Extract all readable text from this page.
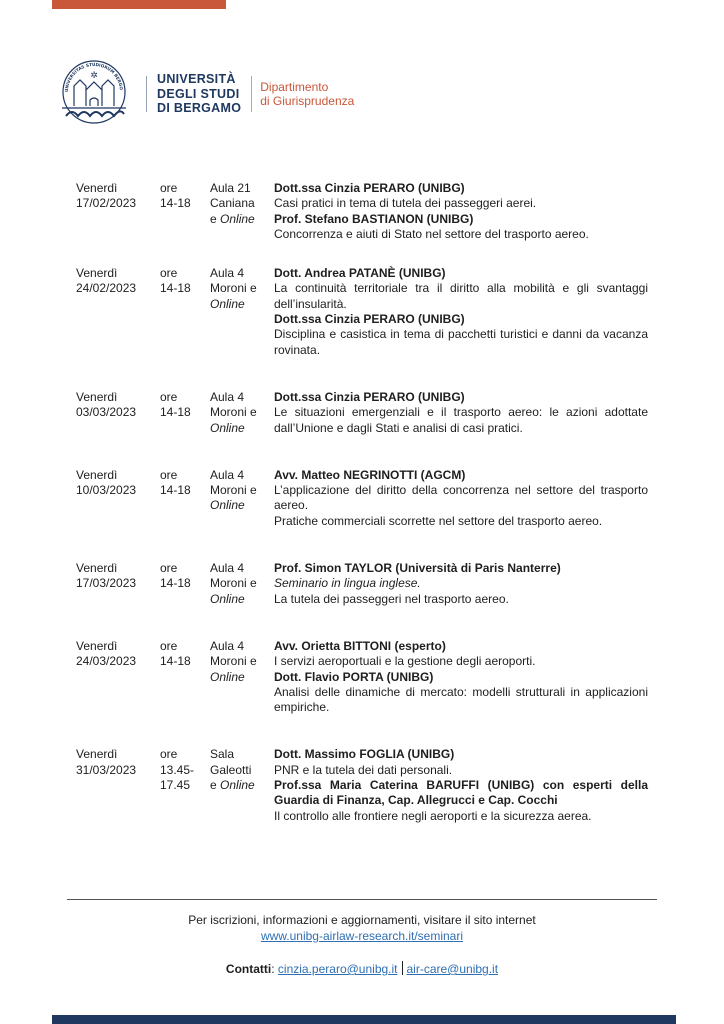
✲
UNIVERSITAS STUDIORUM BERGO
UNIVERSITÀ
DEGLI STUDI
DI BERGAMO
Dipartimento
di Giurisprudenza
Venerdì
17/02/2023
ore
14-18
Aula 21
Caniana
e Online
Dott.ssa Cinzia PERARO (UNIBG)
Casi pratici in tema di tutela dei passeggeri aerei.
Prof. Stefano BASTIANON (UNIBG)
Concorrenza e aiuti di Stato nel settore del trasporto aereo.
Venerdì
24/02/2023
ore
14-18
Aula 4
Moroni e
Online
Dott. Andrea PATANÈ (UNIBG)
La continuità territoriale tra il diritto alla mobilità e gli svantaggi dell’insularità.
Dott.ssa Cinzia PERARO (UNIBG)
Disciplina e casistica in tema di pacchetti turistici e danni da vacanza rovinata.
Venerdì
03/03/2023
ore
14-18
Aula 4
Moroni e
Online
Dott.ssa Cinzia PERARO (UNIBG)
Le situazioni emergenziali e il trasporto aereo: le azioni adottate dall’Unione e dagli Stati e analisi di casi pratici.
Venerdì
10/03/2023
ore
14-18
Aula 4
Moroni e
Online
Avv. Matteo NEGRINOTTI (AGCM)
L’applicazione del diritto della concorrenza nel settore del trasporto aereo.
Pratiche commerciali scorrette nel settore del trasporto aereo.
Venerdì
17/03/2023
ore
14-18
Aula 4
Moroni e
Online
Prof. Simon TAYLOR (Università di Paris Nanterre)
Seminario in lingua inglese.
La tutela dei passeggeri nel trasporto aereo.
Venerdì
24/03/2023
ore
14-18
Aula 4
Moroni e
Online
Avv. Orietta BITTONI (esperto)
I servizi aeroportuali e la gestione degli aeroporti.
Dott. Flavio PORTA (UNIBG)
Analisi delle dinamiche di mercato: modelli strutturali in applicazioni empiriche.
Venerdì
31/03/2023
ore
13.45-
17.45
Sala
Galeotti
e Online
Dott. Massimo FOGLIA (UNIBG)
PNR e la tutela dei dati personali.
Prof.ssa Maria Caterina BARUFFI (UNIBG) con esperti della Guardia di Finanza, Cap. Allegrucci e Cap. Cocchi
Il controllo alle frontiere negli aeroporti e la sicurezza aerea.
Per iscrizioni, informazioni e aggiornamenti, visitare il sito internet
www.unibg-airlaw-research.it/seminari
Contatti: cinzia.peraro@unibg.it air-care@unibg.it
